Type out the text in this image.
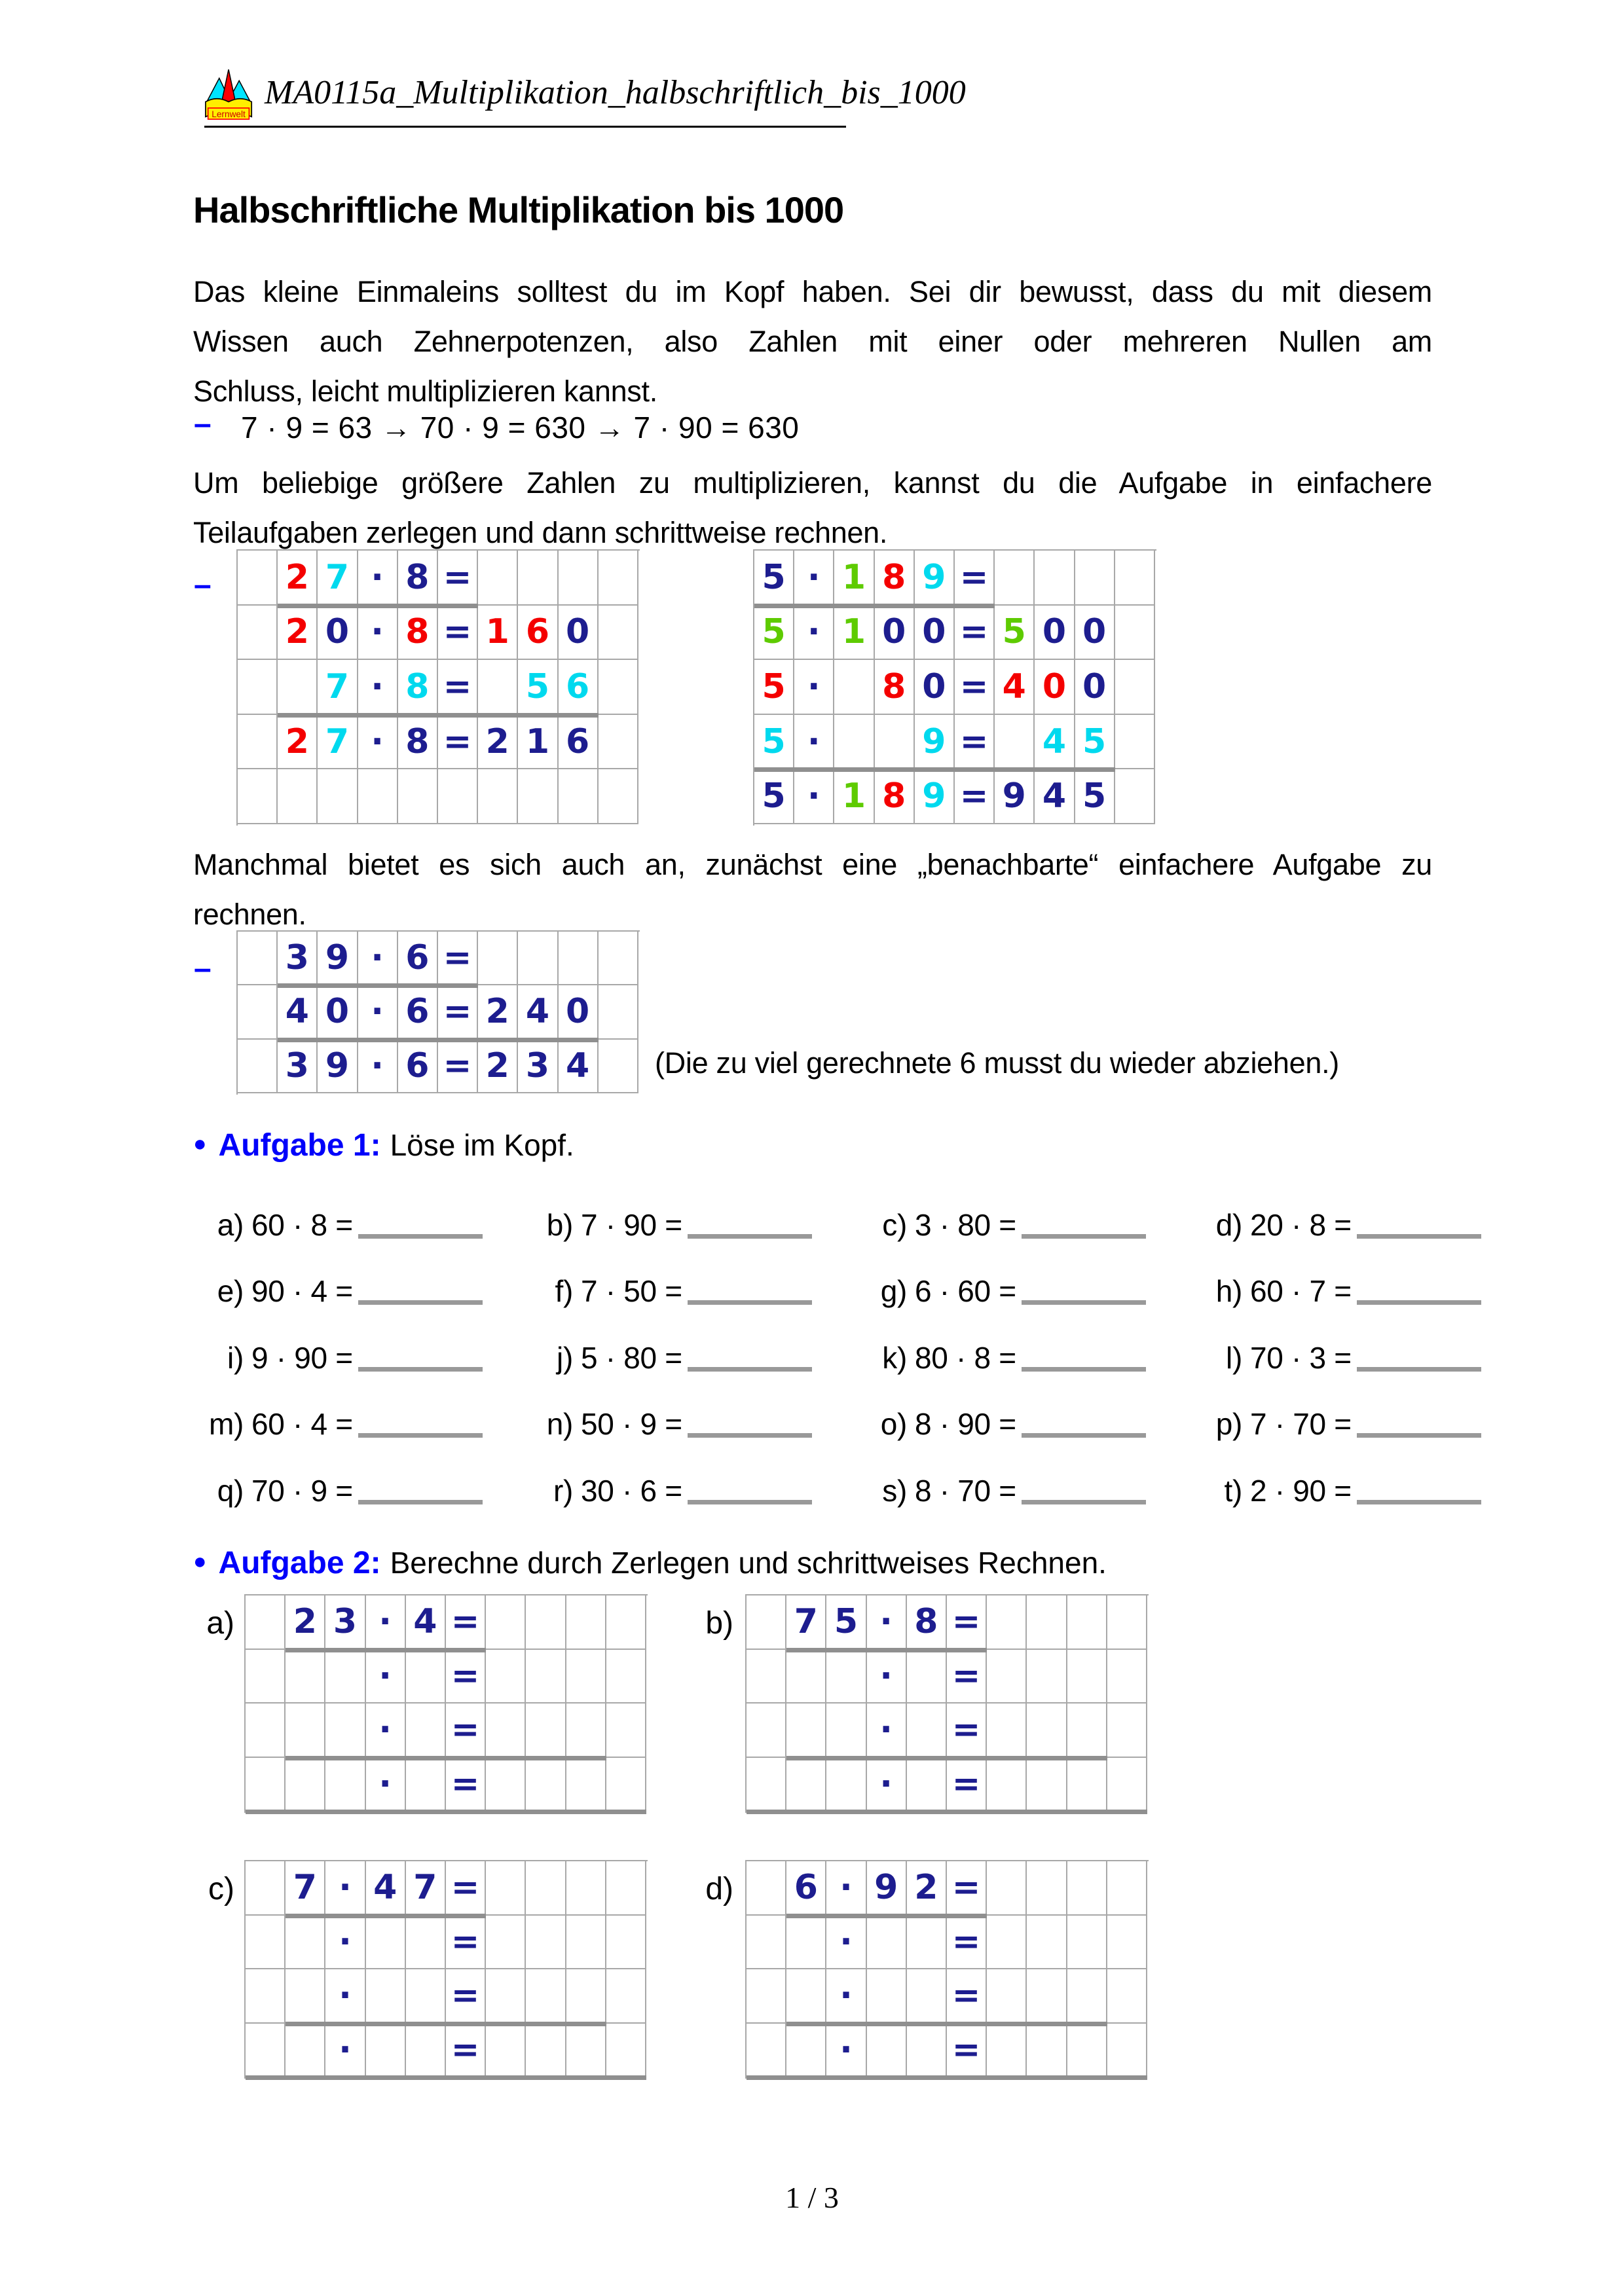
Lernwelt
MA0115a_Multiplikation_halbschriftlich_bis_1000
Halbschriftliche Multiplikation bis 1000
Das kleine Einmaleins solltest du im Kopf haben. Sei dir bewusst, dass du mit diesem
Wissen auch Zehnerpotenzen, also Zahlen mit einer oder mehreren Nullen am
Schluss, leicht multiplizieren kannst.
– 7 · 9 = 63 → 70 · 9 = 630 → 7 · 90 = 630
Um beliebige größere Zahlen zu multiplizieren, kannst du die Aufgabe in einfachere
Teilaufgaben zerlegen und dann schrittweise rechnen.
– 2 7 · 8 =
2 0 · 8 = 1 6 0
7 · 8 = 5 6
2 7 · 8 = 2 1 6
5 · 1 8 9 =
5 · 1 0 0 = 5 0 0
5 ·	8 0 = 4 0 0
5 ·	9 = 4 5
5 · 1 8 9 = 9 4 5
Manchmal bietet es sich auch an, zunächst eine „benachbarte“ einfachere Aufgabe zu
rechnen.
– 3 9 · 6 =
4 0 · 6 = 2 4 0
3 9 · 6 = 2 3 4	(Die zu viel gerechnete 6 musst du wieder abziehen.)
● Aufgabe 1: Löse im Kopf.
a) 60 · 8 =	b) 7 · 90 =	c) 3 · 80 =	d) 20 · 8 =
e) 90 · 4 =	f) 7 · 50 =	g) 6 · 60 =	h) 60 · 7 =
i) 9 · 90 =	j) 5 · 80 =	k) 80 · 8 =	l) 70 · 3 =
m) 60 · 4 =	n) 50 · 9 =	o) 8 · 90 =	p) 7 · 70 =
q) 70 · 9 =	r) 30 · 6 =	s) 8 · 70 =	t) 2 · 90 =
● Aufgabe 2: Berechne durch Zerlegen und schrittweises Rechnen.
a) 2 3 · 4 =
·	=
·	=
·	=
b) 7 5 · 8 =
·	=
·	=
·	=
c) 7 · 4 7 =
·	=
·	=
·	=
d) 6 · 9 2 =
·	=
·	=
·	=
1 / 3
